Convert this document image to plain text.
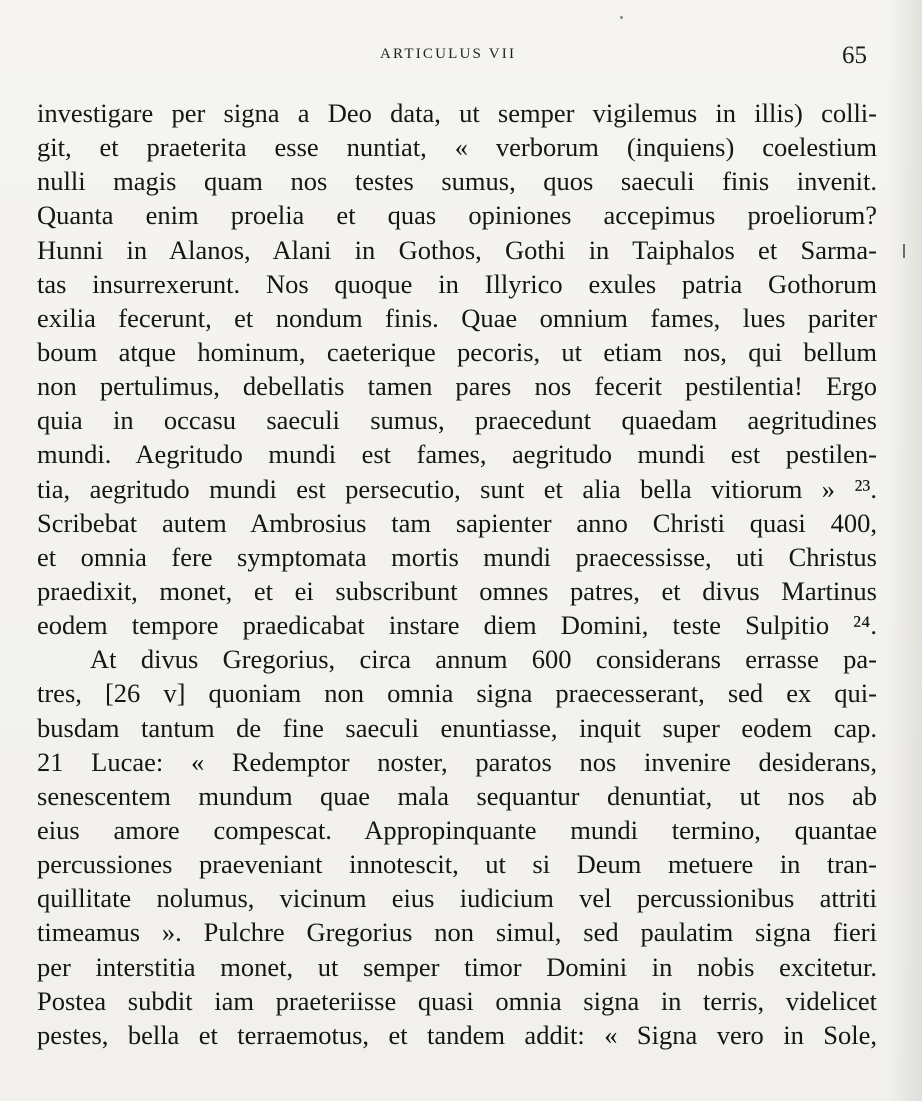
ARTICULUS VII	65
investigare per signa a Deo data, ut semper vigilemus in illis) colli-
git, et praeterita esse nuntiat, « verborum (inquiens) coelestium
nulli magis quam nos testes sumus, quos saeculi finis invenit.
Quanta enim proelia et quas opiniones accepimus proeliorum?
Hunni in Alanos, Alani in Gothos, Gothi in Taiphalos et Sarma-
tas insurrexerunt. Nos quoque in Illyrico exules patria Gothorum
exilia fecerunt, et nondum finis. Quae omnium fames, lues pariter
boum atque hominum, caeterique pecoris, ut etiam nos, qui bellum
non pertulimus, debellatis tamen pares nos fecerit pestilentia! Ergo
quia in occasu saeculi sumus, praecedunt quaedam aegritudines
mundi. Aegritudo mundi est fames, aegritudo mundi est pestilen-
tia, aegritudo mundi est persecutio, sunt et alia bella vitiorum » ²³.
Scribebat autem Ambrosius tam sapienter anno Christi quasi 400,
et omnia fere symptomata mortis mundi praecessisse, uti Christus
praedixit, monet, et ei subscribunt omnes patres, et divus Martinus
eodem tempore praedicabat instare diem Domini, teste Sulpitio ²⁴.
At divus Gregorius, circa annum 600 considerans errasse pa-
tres, [26 v] quoniam non omnia signa praecesserant, sed ex qui-
busdam tantum de fine saeculi enuntiasse, inquit super eodem cap.
21 Lucae: « Redemptor noster, paratos nos invenire desiderans,
senescentem mundum quae mala sequantur denuntiat, ut nos ab
eius amore compescat. Appropinquante mundi termino, quantae
percussiones praeveniant innotescit, ut si Deum metuere in tran-
quillitate nolumus, vicinum eius iudicium vel percussionibus attriti
timeamus ». Pulchre Gregorius non simul, sed paulatim signa fieri
per interstitia monet, ut semper timor Domini in nobis excitetur.
Postea subdit iam praeteriisse quasi omnia signa in terris, videlicet
pestes, bella et terraemotus, et tandem addit: « Signa vero in Sole,
